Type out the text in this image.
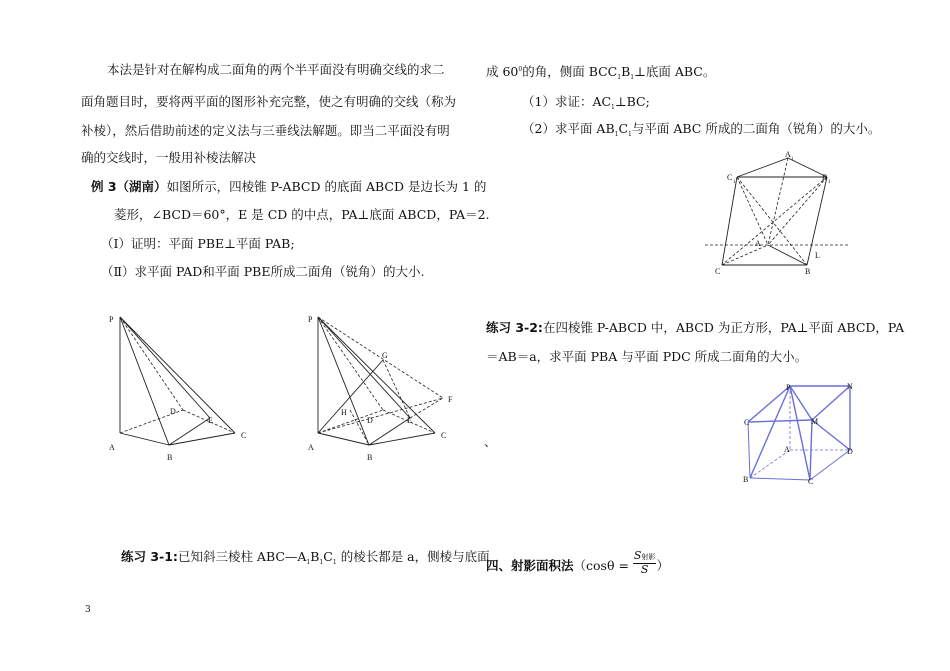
本法是针对在解构成二面角的两个半平面没有明确交线的求二
面角题目时，要将两平面的图形补充完整，使之有明确的交线（称为
补棱），然后借助前述的定义法与三垂线法解题。即当二平面没有明
确的交线时，一般用补棱法解决
例 3（湖南）如图所示，四棱锥 P-ABCD 的底面 ABCD 是边长为 1 的
菱形，∠BCD＝60°，E 是 CD 的中点，PA⊥底面 ABCD，PA＝2.
（Ⅰ）证明：平面 PBE⊥平面 PAB;
（Ⅱ）求平面 PAD和平面 PBE所成二面角（锐角）的大小.
P
D
E
C
A
B
P
G
F
H
D	E
C
A
B
练习 3-1:已知斜三棱柱 $ABC—A_1B_1C_1$ 的棱长都是 a，侧棱与底面
3
成 $60^0$的角，侧面 $BCC_1B_1\perp$底面 ABC。
（1）求证：$AC_1\perp BC$;
（2）求平面 $AB_1C_1$与平面 ABC 所成的二面角（锐角）的大小。
A
1
C
1
B
1
A
L
C	B
练习 3-2:在四棱锥 P-ABCD 中，ABCD 为正方形，PA⊥平面 ABCD，PA
＝AB＝a，求平面 PBA 与平面 PDC 所成二面角的大小。
、
P	N
C	M
A	D
B	C
四、射影面积法（cosθ =
S射影
S ）
